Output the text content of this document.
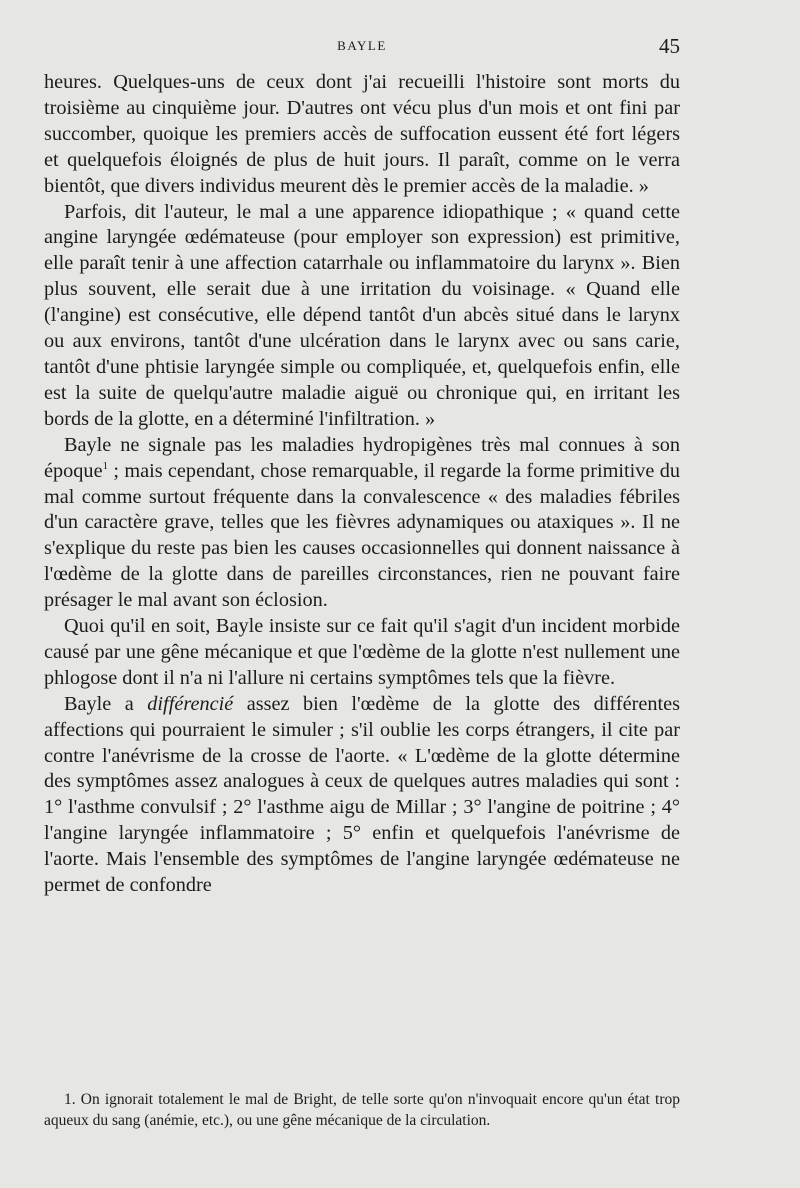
BAYLE	45

heures. Quelques-uns de ceux dont j'ai recueilli l'histoire sont morts du troisième au cinquième jour. D'autres ont vécu plus d'un mois et ont fini par succomber, quoique les premiers accès de suffocation eussent été fort légers et quelquefois éloignés de plus de huit jours. Il paraît, comme on le verra bientôt, que divers individus meurent dès le premier accès de la maladie. »

Parfois, dit l'auteur, le mal a une apparence idiopathique ; « quand cette angine laryngée œdémateuse (pour employer son expression) est primitive, elle paraît tenir à une affection catarrhale ou inflammatoire du larynx ». Bien plus souvent, elle serait due à une irritation du voisinage. « Quand elle (l'angine) est consécutive, elle dépend tantôt d'un abcès situé dans le larynx ou aux environs, tantôt d'une ulcération dans le larynx avec ou sans carie, tantôt d'une phtisie laryngée simple ou compliquée, et, quelquefois enfin, elle est la suite de quelqu'autre maladie aiguë ou chronique qui, en irritant les bords de la glotte, en a déterminé l'infiltration. »

Bayle ne signale pas les maladies hydropigènes très mal connues à son époque$^1$ ; mais cependant, chose remarquable, il regarde la forme primitive du mal comme surtout fréquente dans la convalescence « des maladies fébriles d'un caractère grave, telles que les fièvres adynamiques ou ataxiques ». Il ne s'explique du reste pas bien les causes occasionnelles qui donnent naissance à l'œdème de la glotte dans de pareilles circonstances, rien ne pouvant faire présager le mal avant son éclosion.

Quoi qu'il en soit, Bayle insiste sur ce fait qu'il s'agit d'un incident morbide causé par une gêne mécanique et que l'œdème de la glotte n'est nullement une phlogose dont il n'a ni l'allure ni certains symptômes tels que la fièvre.

Bayle a différencié assez bien l'œdème de la glotte des différentes affections qui pourraient le simuler ; s'il oublie les corps étrangers, il cite par contre l'anévrisme de la crosse de l'aorte. « L'œdème de la glotte détermine des symptômes assez analogues à ceux de quelques autres maladies qui sont : 1° l'asthme convulsif ; 2° l'asthme aigu de Millar ; 3° l'angine de poitrine ; 4° l'angine laryngée inflammatoire ; 5° enfin et quelquefois l'anévrisme de l'aorte. Mais l'ensemble des symptômes de l'angine laryngée œdémateuse ne permet de confondre

1. On ignorait totalement le mal de Bright, de telle sorte qu'on n'invoquait encore qu'un état trop aqueux du sang (anémie, etc.), ou une gêne mécanique de la circulation.
